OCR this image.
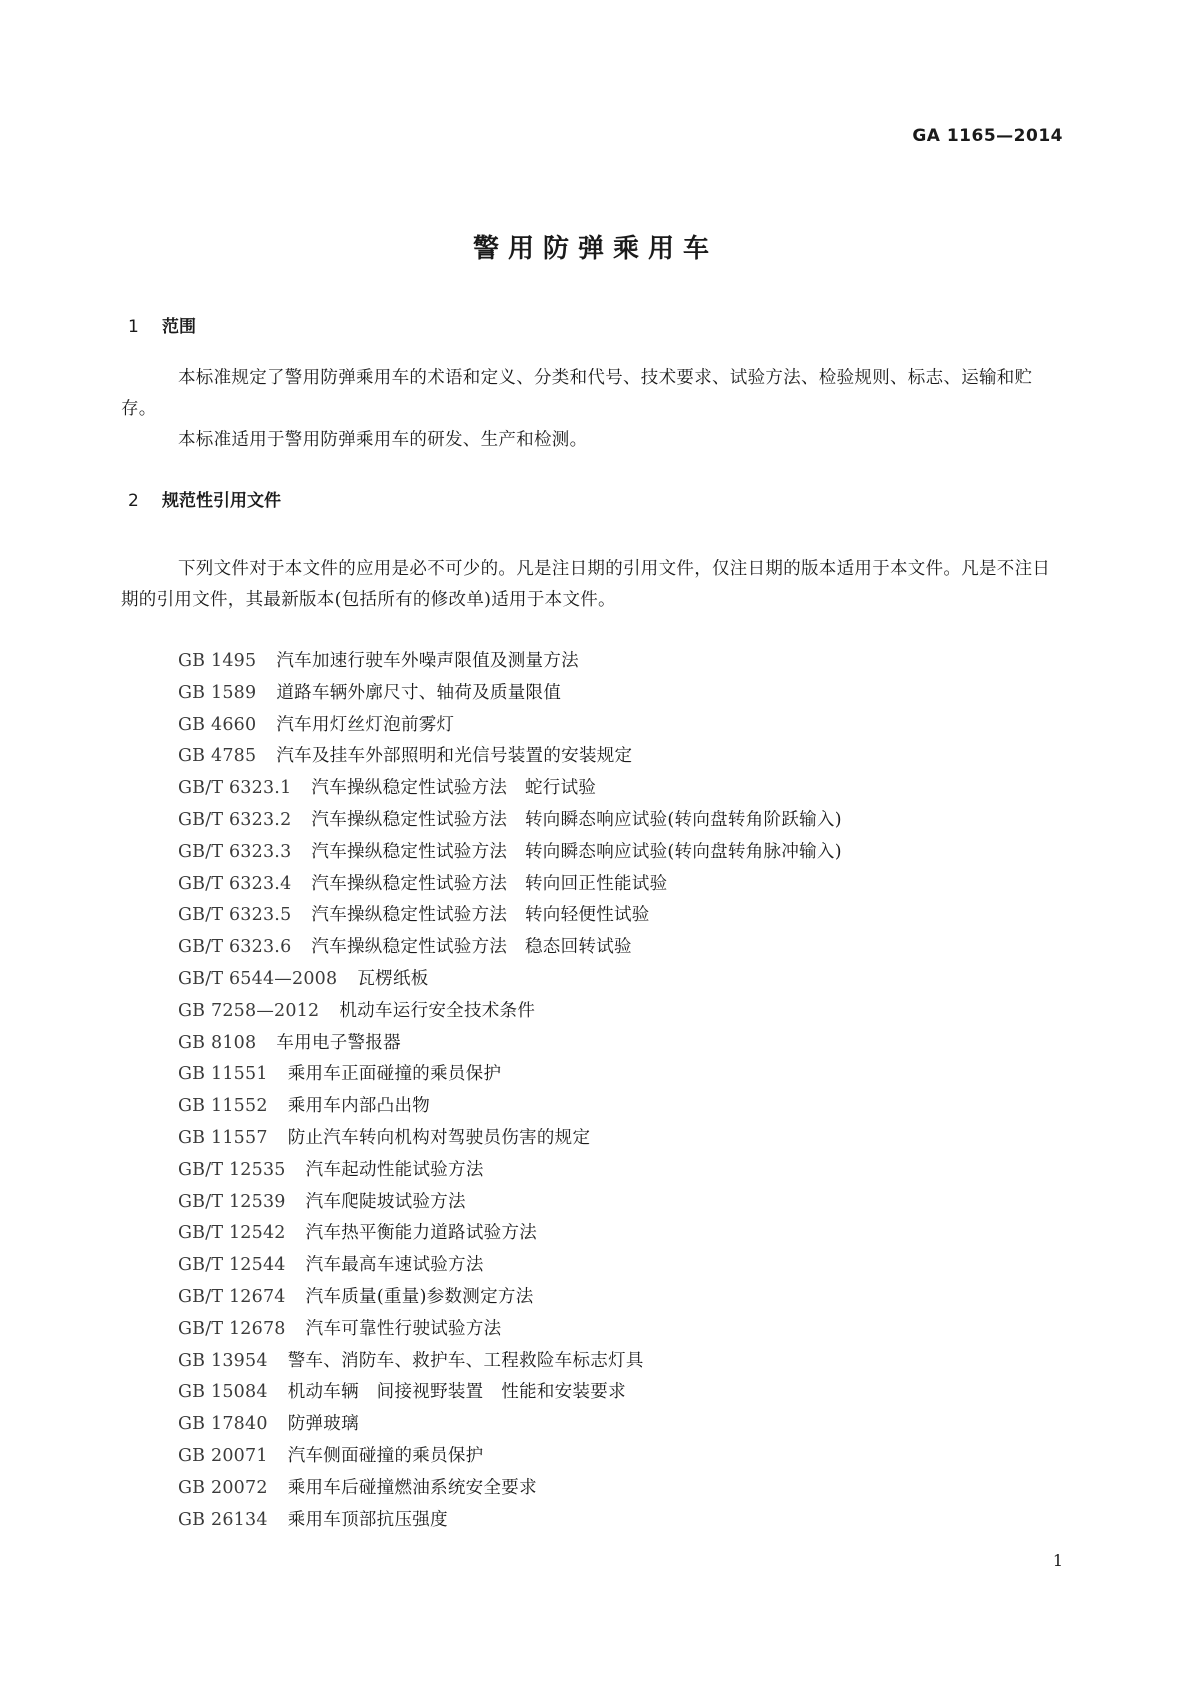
GA 1165—2014
警用防弹乘用车
1 范围

本标准规定了警用防弹乘用车的术语和定义、分类和代号、技术要求、试验方法、检验规则、标志、运输和贮存。

本标准适用于警用防弹乘用车的研发、生产和检测。

2 规范性引用文件

下列文件对于本文件的应用是必不可少的。凡是注日期的引用文件，仅注日期的版本适用于本文件。凡是不注日期的引用文件，其最新版本(包括所有的修改单)适用于本文件。

GB 1495 汽车加速行驶车外噪声限值及测量方法
GB 1589 道路车辆外廓尺寸、轴荷及质量限值
GB 4660 汽车用灯丝灯泡前雾灯
GB 4785 汽车及挂车外部照明和光信号装置的安装规定
GB/T 6323.1 汽车操纵稳定性试验方法　蛇行试验
GB/T 6323.2 汽车操纵稳定性试验方法　转向瞬态响应试验(转向盘转角阶跃输入)
GB/T 6323.3 汽车操纵稳定性试验方法　转向瞬态响应试验(转向盘转角脉冲输入)
GB/T 6323.4 汽车操纵稳定性试验方法　转向回正性能试验
GB/T 6323.5 汽车操纵稳定性试验方法　转向轻便性试验
GB/T 6323.6 汽车操纵稳定性试验方法　稳态回转试验
GB/T 6544—2008 瓦楞纸板
GB 7258—2012 机动车运行安全技术条件
GB 8108 车用电子警报器
GB 11551 乘用车正面碰撞的乘员保护
GB 11552 乘用车内部凸出物
GB 11557 防止汽车转向机构对驾驶员伤害的规定
GB/T 12535 汽车起动性能试验方法
GB/T 12539 汽车爬陡坡试验方法
GB/T 12542 汽车热平衡能力道路试验方法
GB/T 12544 汽车最高车速试验方法
GB/T 12674 汽车质量(重量)参数测定方法
GB/T 12678 汽车可靠性行驶试验方法
GB 13954 警车、消防车、救护车、工程救险车标志灯具
GB 15084 机动车辆　间接视野装置　性能和安装要求
GB 17840 防弹玻璃
GB 20071 汽车侧面碰撞的乘员保护
GB 20072 乘用车后碰撞燃油系统安全要求
GB 26134 乘用车顶部抗压强度
1
